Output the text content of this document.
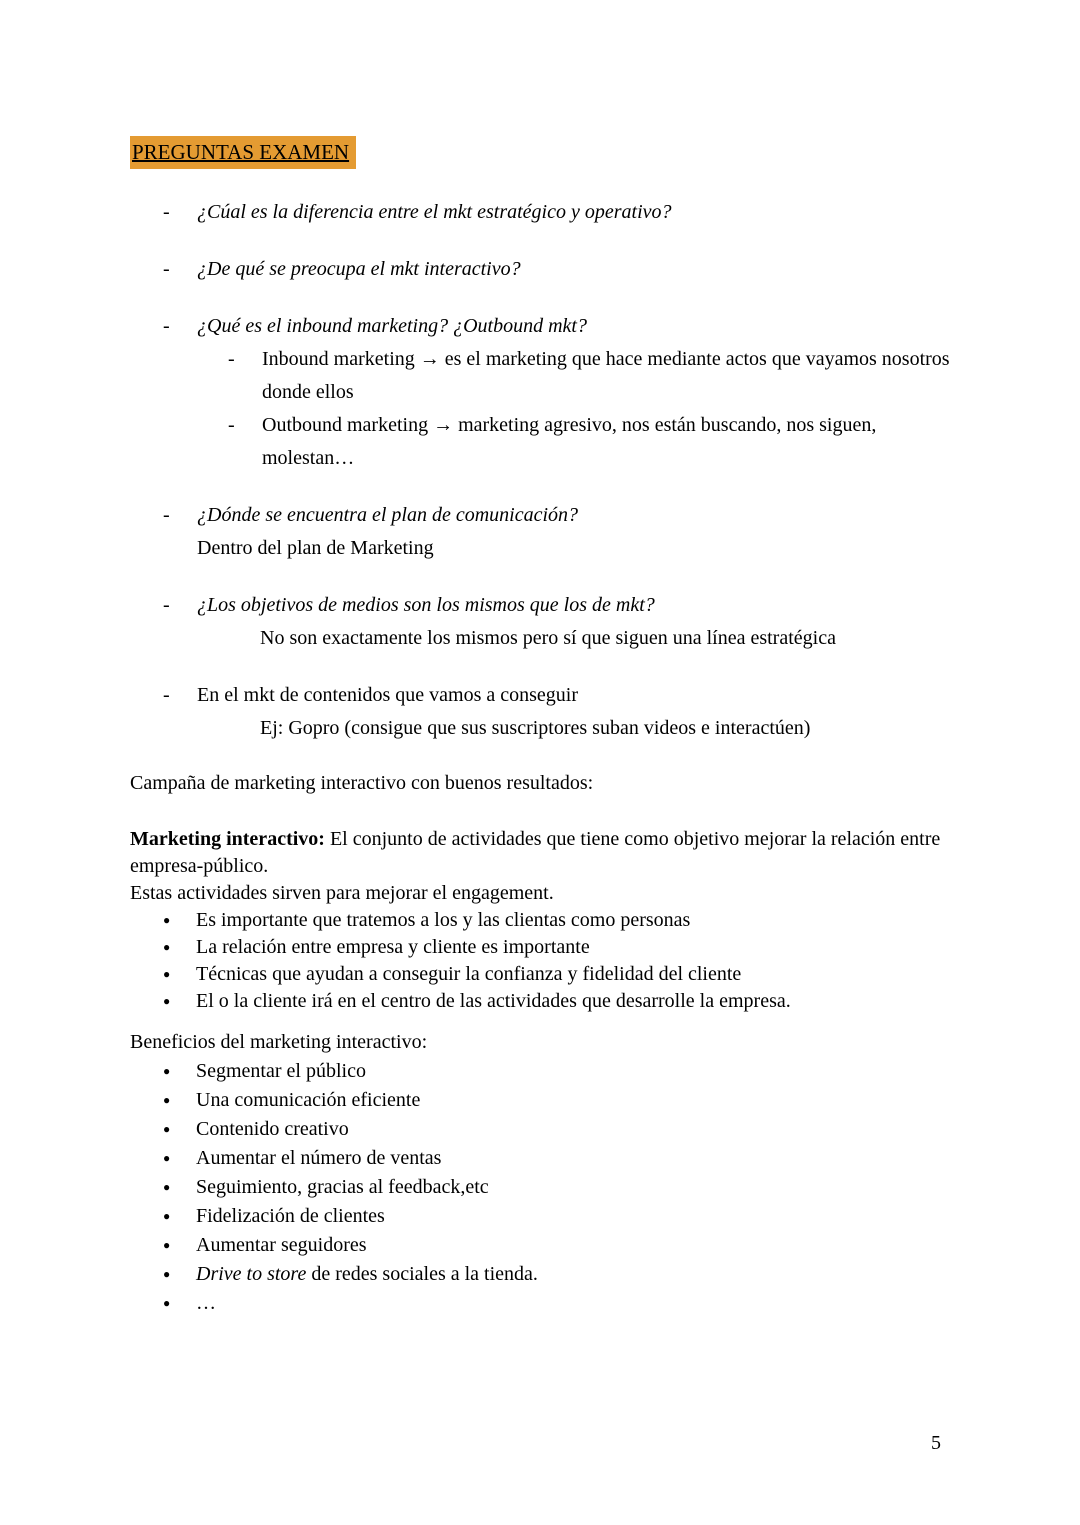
PREGUNTAS EXAMEN
-	¿Cúal es la diferencia entre el mkt estratégico y operativo?

-	¿De qué se preocupa el mkt interactivo?

-	¿Qué es el inbound marketing? ¿Outbound mkt?

-	Inbound marketing → es el marketing que hace mediante actos que vayamos nosotros donde ellos

-	Outbound marketing → marketing agresivo, nos están buscando, nos siguen, molestan…

-	¿Dónde se encuentra el plan de comunicación?

Dentro del plan de Marketing

-	¿Los objetivos de medios son los mismos que los de mkt?

No son exactamente los mismos pero sí que siguen una línea estratégica

-	En el mkt de contenidos que vamos a conseguir

Ej: Gopro (consigue que sus suscriptores suban videos e interactúen)

Campaña de marketing interactivo con buenos resultados:

Marketing interactivo: El conjunto de actividades que tiene como objetivo mejorar la relación entre empresa-público.

Estas actividades sirven para mejorar el engagement.

●	Es importante que tratemos a los y las clientas como personas

●	La relación entre empresa y cliente es importante

●	Técnicas que ayudan a conseguir la confianza y fidelidad del cliente

●	El o la cliente irá en el centro de las actividades que desarrolle la empresa.

Beneficios del marketing interactivo:

●	Segmentar el público

●	Una comunicación eficiente

●	Contenido creativo

●	Aumentar el número de ventas

●	Seguimiento, gracias al feedback,etc

●	Fidelización de clientes

●	Aumentar seguidores

●	Drive to store de redes sociales a la tienda.

●	…

5
